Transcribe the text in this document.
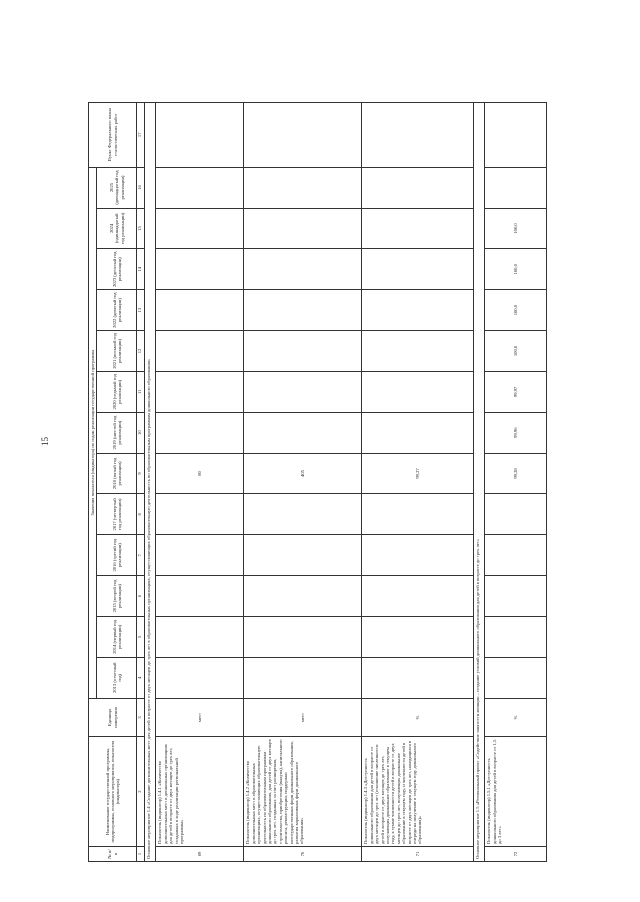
15
№ п/п	Наименование государственной программы, подпрограммы, основного мероприятия, показателя (индикатора)	Единица измерения	Значения показателя (индикатора) по годам реализации государственной программы													Пункт Федерального плана статистических работ
			2013 (отчетный год)	2014 (первый год реализации)	2015 (второй год реализации)	2016 (третий год реализации)	2017 (четвертый год реализации)	2018 (пятый год реализации)	2019 (шестой год реализации)	2020 (седьмой год реализации)	2021 (восьмой год реализации)	2022 (девятый год реализации)	2023 (десятый год реализации)	2024 (одиннадцатый год реализации)	2025 (двенадцатый год реализации)	
1	2	3	4	5	6	7	8	9	10	11	12	13	14	15	16	17
Основное мероприятие 1.4 «Создание дополнительных мест для детей в возрасте от двух месяцев до трех лет в образовательных организациях, осуществляющих образовательную деятельность по образовательным программам дошкольного образования»																
69	Показатель (индикатор) 1.4.1 «Количество дополнительных мест в дошкольных организациях для детей в возрасте от двух месяцев до трех лет, созданных в ходе реализации региональной программы»	мест						80								
70	Показатель (индикатор) 1.4.2 «Количество дополнительных мест в образовательных организациях, осуществляющих образовательную деятельность по образовательным программам дошкольного образования, для детей от двух месяцев до трех лет, созданных за счет расширения, строительства, приобретения (выкупа), капитального ремонта, реконструкции, поддержки негосударственных форм дошкольного образования, развития вариативных форм дошкольного образования»	мест						405								
71	Показатель (индикатор) 1.4.3 «Доступность дошкольного образования для детей в возрасте от двух месяцев до трех лет (отношение численности детей в возрасте от двух месяцев до трех лет, получающих дошкольное образование в текущем году, к сумме численности детей в возрасте от двух месяцев до трех лет, получающих дошкольное образование в текущем году, и численности детей в возрасте от двух месяцев до трех лет, находящихся в очереди на получение в текущем году дошкольного образования)»	%						99,27								
Основное мероприятие 1.5 «Региональный проект «Содействие занятости женщин – создание условий дошкольного образования для детей в возрасте до трех лет»																
72	Показатель (индикатор) 1.5.1 «Доступность дошкольного образования для детей в возрасте от 1,5 до 3 лет»	%						99,28	99,96	99,97	100,0	100,0	100,0	100,0		
